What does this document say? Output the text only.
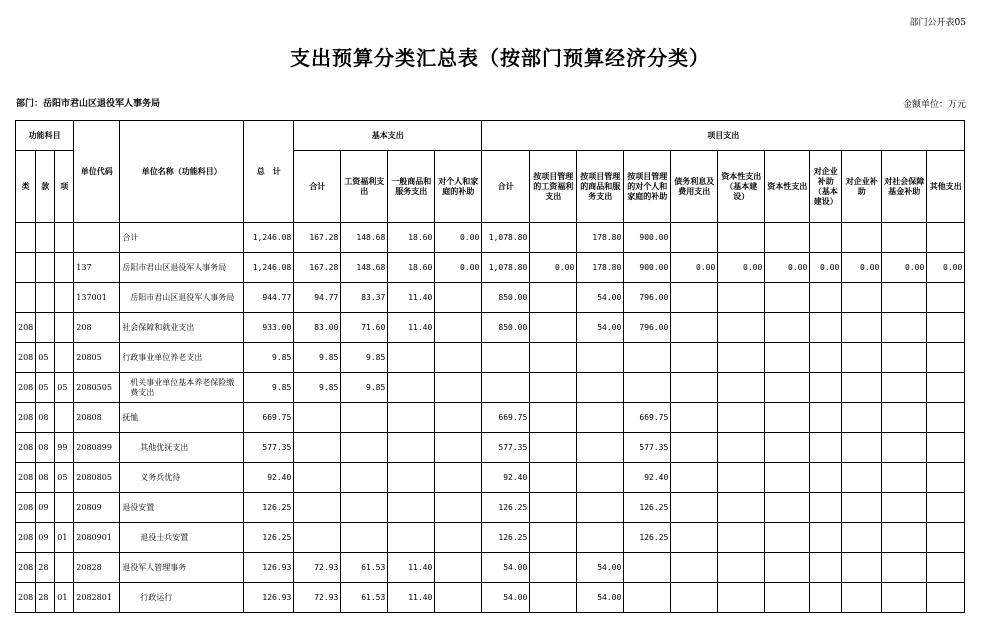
部门公开表05
支出预算分类汇总表（按部门预算经济分类）
部门：岳阳市君山区退役军人事务局	金额单位：万元
功能科目			单位代码	单位名称（功能科目）	总　计	基本支出				项目支出										
类	款	项				合计	工资福利支出	一般商品和服务支出	对个人和家庭的补助	合计	按项目管理的工资福利支出	按项目管理的商品和服务支出	按项目管理的对个人和家庭的补助	债务利息及费用支出	资本性支出（基本建设）	资本性支出	对企业补助（基本建设）	对企业补助	对社会保障基金补助	其他支出
				合计	1,246.08	167.28	148.68	18.60	0.00	1,078.80		178.80	900.00							
			137	岳阳市君山区退役军人事务局	1,246.08	167.28	148.68	18.60	0.00	1,078.80	0.00	178.80	900.00	0.00	0.00	0.00	0.00	0.00	0.00	0.00
			137001	岳阳市君山区退役军人事务局	944.77	94.77	83.37	11.40		850.00		54.00	796.00							
208			208	社会保障和就业支出	933.00	83.00	71.60	11.40		850.00		54.00	796.00							
208	05		20805	行政事业单位养老支出	9.85	9.85	9.85													
208	05	05	2080505	机关事业单位基本养老保险缴费支出	9.85	9.85	9.85													
208	08		20808	抚恤	669.75					669.75			669.75							
208	08	99	2080899	其他优抚支出	577.35					577.35			577.35							
208	08	05	2080805	义务兵优待	92.40					92.40			92.40							
208	09		20809	退役安置	126.25					126.25			126.25							
208	09	01	2080901	退役士兵安置	126.25					126.25			126.25							
208	28		20828	退役军人管理事务	126.93	72.93	61.53	11.40		54.00		54.00								
208	28	01	2082801	行政运行	126.93	72.93	61.53	11.40		54.00		54.00								
